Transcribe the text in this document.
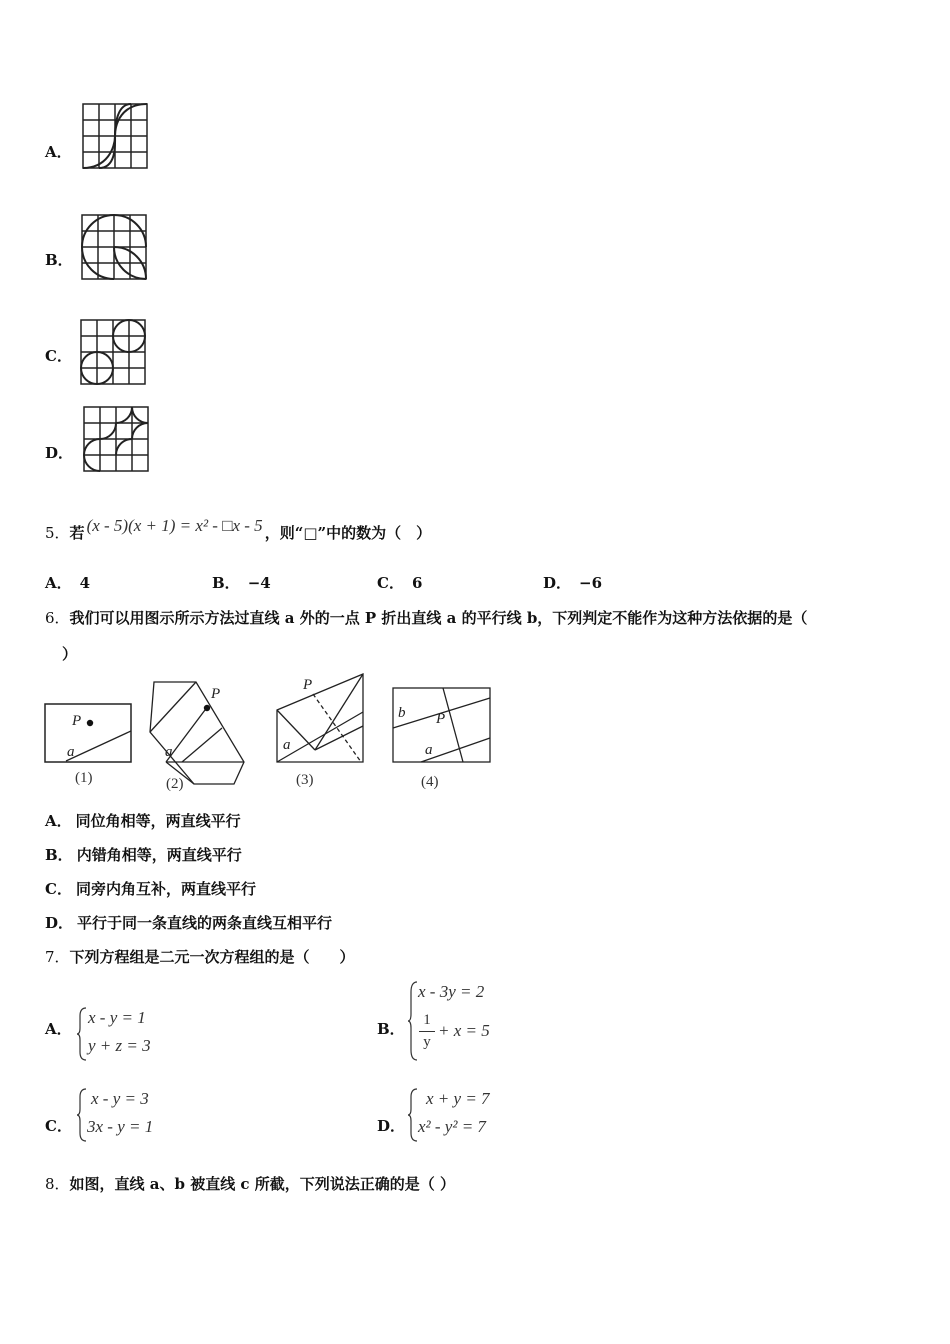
A．
B．
C．
D．
5．若 (x - 5)(x + 1) = x² - □x - 5 ，则“□”中的数为（　）
A． 4	B． −4	C． 6	D． −6
6．我们可以用图示所示方法过直线 a 外的一点 P 折出直线 a 的平行线 b，下列判定不能作为这种方法依据的是（
）
P
a
(1)
P
a
(2)
P
a
(3)
b P
a
(4)
A． 同位角相等，两直线平行
B． 内错角相等，两直线平行
C． 同旁内角互补，两直线平行
D． 平行于同一条直线的两条直线互相平行
7．下列方程组是二元一次方程组的是（　　）
A．
x - y = 1
y + z = 3
B．
x - 3y = 2
1
y
+ x = 5
C．
x - y = 3
3x - y = 1	D．
x + y = 7
x² - y² = 7
8．如图，直线 a、b 被直线 c 所截，下列说法正确的是（ ）
